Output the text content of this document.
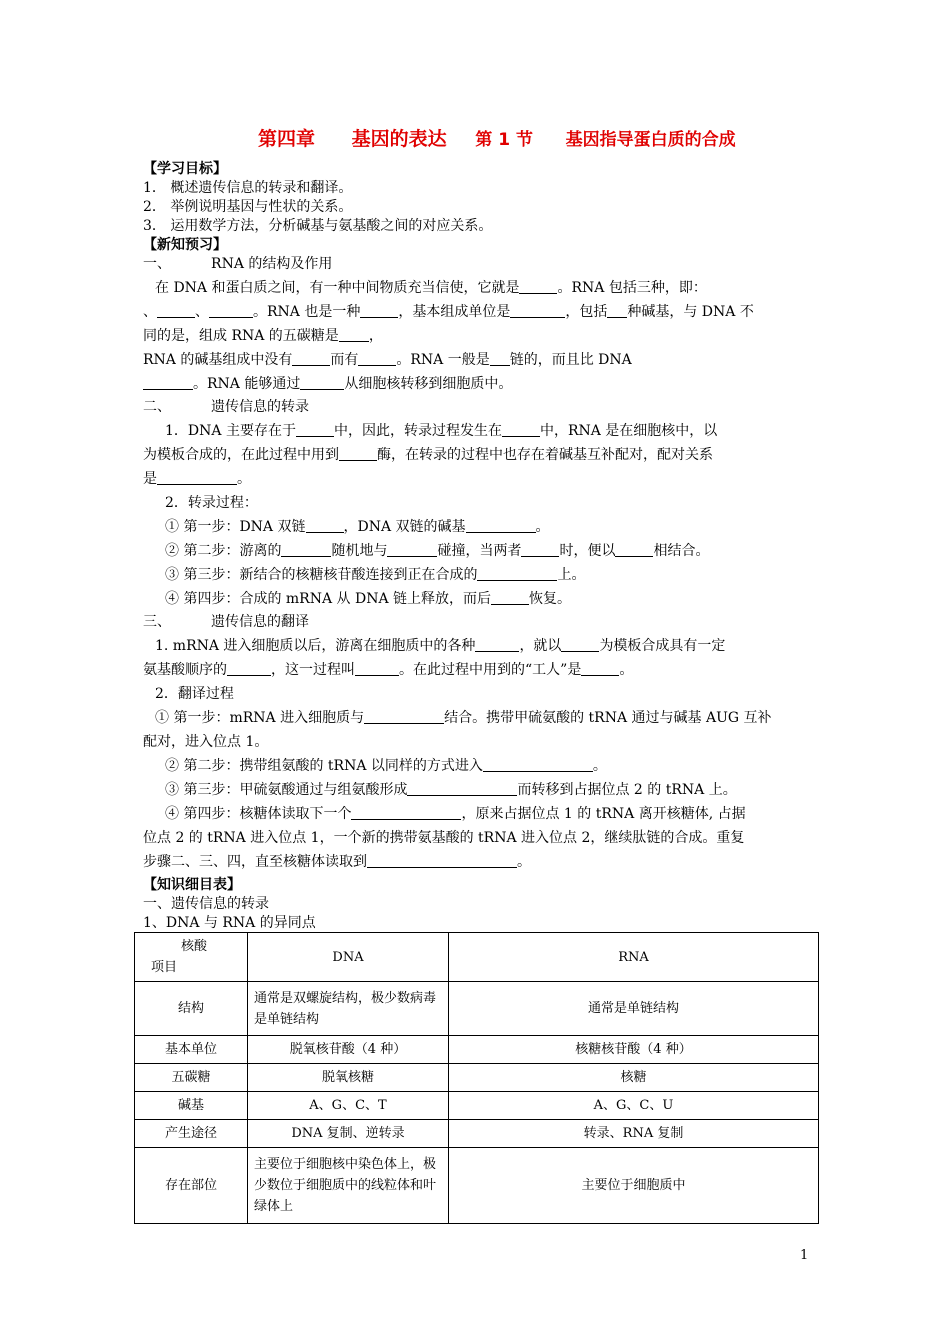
第四章 基因的表达 第 1 节 基因指导蛋白质的合成
【学习目标】
1． 概述遗传信息的转录和翻译。
2． 举例说明基因与性状的关系。
3． 运用数学方法，分析碱基与氨基酸之间的对应关系。
【新知预习】
一、         RNA 的结构及作用
在 DNA 和蛋白质之间，有一种中间物质充当信使，它就是	。RNA 包括三种，即：
、	、	。RNA 也是一种	，基本组成单位是	，包括 种碱基，与 DNA 不
同的是，组成 RNA 的五碳糖是 ，
RNA 的碱基组成中没有	而有	。RNA 一般是 链的，而且比 DNA
。RNA 能够通过	从细胞核转移到细胞质中。
二、         遗传信息的转录
1．DNA 主要存在于	中，因此，转录过程发生在	中，RNA 是在细胞核中，以
为模板合成的，在此过程中用到	酶，在转录的过程中也存在着碱基互补配对，配对关系
是	。
2．转录过程：
① 第一步：DNA 双链	，DNA 双链的碱基	。
② 第二步：游离的	随机地与	碰撞，当两者	时，便以	相结合。
③ 第三步：新结合的核糖核苷酸连接到正在合成的	上。
④ 第四步：合成的 mRNA 从 DNA 链上释放，而后	恢复。
三、         遗传信息的翻译
1. mRNA 进入细胞质以后，游离在细胞质中的各种	，就以	为模板合成具有一定
氨基酸顺序的	，这一过程叫	。在此过程中用到的“工人”是	。
2．翻译过程
① 第一步：mRNA 进入细胞质与	结合。携带甲硫氨酸的 tRNA 通过与碱基 AUG 互补
配对，进入位点 1。
② 第二步：携带组氨酸的 tRNA 以同样的方式进入	。
③ 第三步：甲硫氨酸通过与组氨酸形成	而转移到占据位点 2 的 tRNA 上。
④ 第四步：核糖体读取下一个	，原来占据位点 1 的 tRNA 离开核糖体, 占据
位点 2 的 tRNA 进入位点 1，一个新的携带氨基酸的 tRNA 进入位点 2，继续肽链的合成。重复
步骤二、三、四，直至核糖体读取到	。
【知识细目表】
一、遗传信息的转录
1、DNA 与 RNA 的异同点
核酸
项目	DNA	RNA
结构	通常是双螺旋结构，极少数病毒是单链结构	通常是单链结构
基本单位	脱氧核苷酸（4 种）	核糖核苷酸（4 种）
五碳糖	脱氧核糖	核糖
碱基	A、G、C、T	A、G、C、U
产生途径	DNA 复制、逆转录	转录、RNA 复制
存在部位	主要位于细胞核中染色体上，极少数位于细胞质中的线粒体和叶绿体上	主要位于细胞质中
1
